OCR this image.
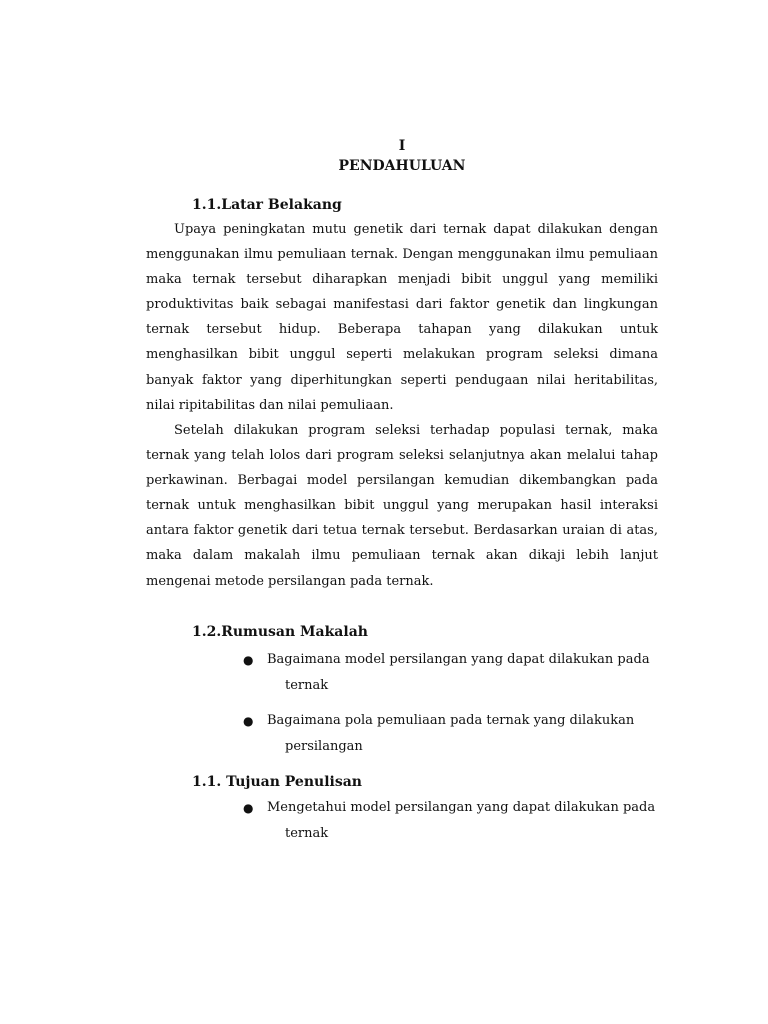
I
PENDAHULUAN
1.1.Latar Belakang

Upaya peningkatan mutu genetik dari ternak dapat dilakukan dengan menggunakan ilmu pemuliaan ternak. Dengan menggunakan ilmu pemuliaan maka ternak tersebut diharapkan menjadi bibit unggul yang memiliki produktivitas baik sebagai manifestasi dari faktor genetik dan lingkungan ternak tersebut hidup. Beberapa tahapan yang dilakukan untuk menghasilkan bibit unggul seperti melakukan program seleksi dimana banyak faktor yang diperhitungkan seperti pendugaan nilai heritabilitas, nilai ripitabilitas dan nilai pemuliaan.

Setelah dilakukan program seleksi terhadap populasi ternak, maka ternak yang telah lolos dari program seleksi selanjutnya akan melalui tahap perkawinan. Berbagai model persilangan kemudian dikembangkan pada ternak untuk menghasilkan bibit unggul yang merupakan hasil interaksi antara faktor genetik dari tetua ternak tersebut. Berdasarkan uraian di atas, maka dalam makalah ilmu pemuliaan ternak akan dikaji lebih lanjut mengenai metode persilangan pada ternak.

1.2.Rumusan Makalah
●	Bagaimana model persilangan yang dapat dilakukan pada
ternak
●	Bagaimana pola pemuliaan pada ternak yang dilakukan
persilangan
1.1. Tujuan Penulisan
●	Mengetahui model persilangan yang dapat dilakukan pada
ternak
